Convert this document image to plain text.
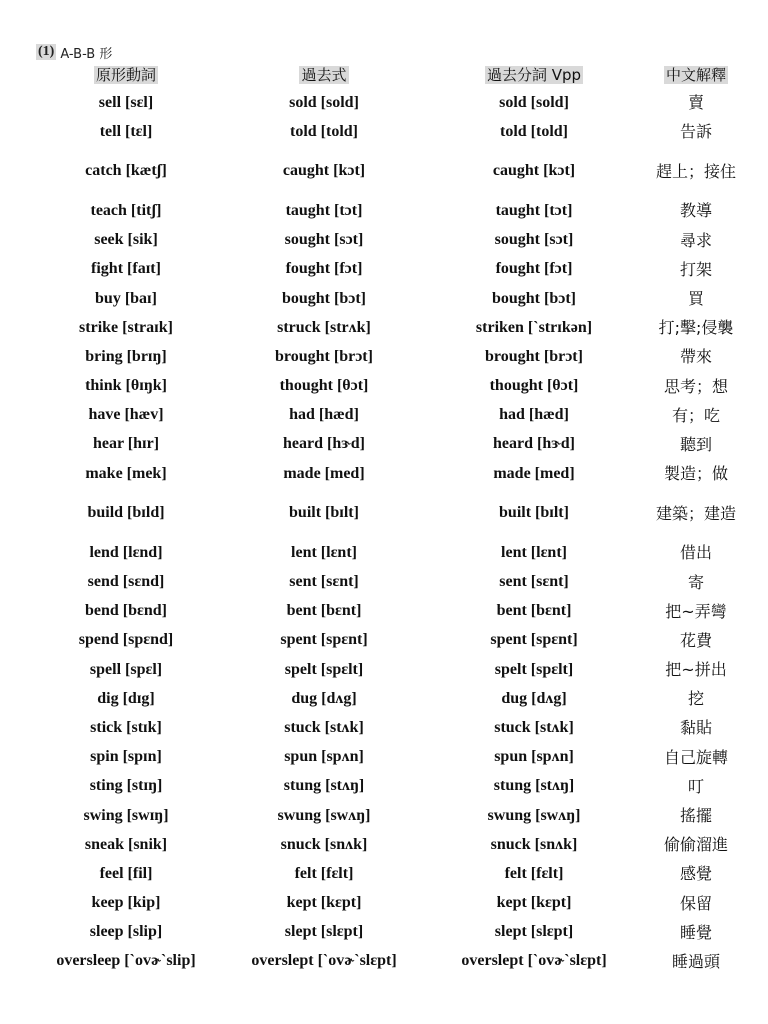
(1) A-B-B 形
原形動詞	過去式	過去分詞 Vpp	中文解釋
sell [sɛl]	sold [sold]	sold [sold]	賣
tell [tɛl]	told [told]	told [told]	告訴
catch [kætʃ]	caught [kɔt]	caught [kɔt]	趕上；接住
teach [titʃ]	taught [tɔt]	taught [tɔt]	教導
seek [sik]	sought [sɔt]	sought [sɔt]	尋求
fight [faɪt]	fought [fɔt]	fought [fɔt]	打架
buy [baɪ]	bought [bɔt]	bought [bɔt]	買
strike [straɪk]	struck [strʌk]	striken [`strɪkən]	打;擊;侵襲
bring [brɪŋ]	brought [brɔt]	brought [brɔt]	帶來
think [θɪŋk]	thought [θɔt]	thought [θɔt]	思考；想
have [hæv]	had [hæd]	had [hæd]	有；吃
hear [hɪr]	heard [hɝd]	heard [hɝd]	聽到
make [mek]	made [med]	made [med]	製造；做
build [bɪld]	built [bɪlt]	built [bɪlt]	建築；建造
lend [lɛnd]	lent [lɛnt]	lent [lɛnt]	借出
send [sɛnd]	sent [sɛnt]	sent [sɛnt]	寄
bend [bɛnd]	bent [bɛnt]	bent [bɛnt]	把~弄彎
spend [spɛnd]	spent [spɛnt]	spent [spɛnt]	花費
spell [spɛl]	spelt [spɛlt]	spelt [spɛlt]	把~拼出
dig [dɪg]	dug [dʌg]	dug [dʌg]	挖
stick [stɪk]	stuck [stʌk]	stuck [stʌk]	黏貼
spin [spɪn]	spun [spʌn]	spun [spʌn]	自己旋轉
sting [stɪŋ]	stung [stʌŋ]	stung [stʌŋ]	叮
swing [swɪŋ]	swung [swʌŋ]	swung [swʌŋ]	搖擺
sneak [snik]	snuck [snʌk]	snuck [snʌk]	偷偷溜進
feel [fil]	felt [fɛlt]	felt [fɛlt]	感覺
keep [kip]	kept [kɛpt]	kept [kɛpt]	保留
sleep [slip]	slept [slɛpt]	slept [slɛpt]	睡覺
oversleep [`ovɚ`slip]	overslept [`ovɚ`slɛpt]	overslept [`ovɚ`slɛpt]	睡過頭
